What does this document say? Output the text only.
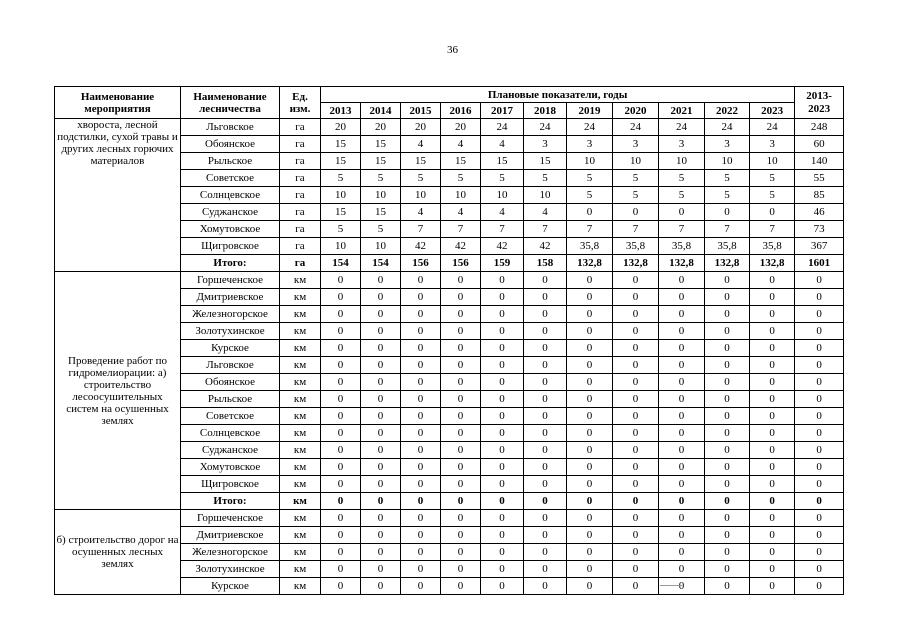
36
Наименование мероприятия	Наименование лесничества	Ед. изм.	Плановые показатели, годы											2013-2023
			2013	2014	2015	2016	2017	2018	2019	2020	2021	2022	2023	

хвороста, лесной подстилки, сухой травы и других лесных горючих материалов	Льговское	га	20	20	20	20	24	24	24	24	24	24	24	248
	Обоянское	га	15	15	4	4	4	3	3	3	3	3	3	60
	Рыльское	га	15	15	15	15	15	15	10	10	10	10	10	140
	Советское	га	5	5	5	5	5	5	5	5	5	5	5	55
	Солнцевское	га	10	10	10	10	10	10	5	5	5	5	5	85
	Суджанское	га	15	15	4	4	4	4	0	0	0	0	0	46
	Хомутовское	га	5	5	7	7	7	7	7	7	7	7	7	73
	Щигровское	га	10	10	42	42	42	42	35,8	35,8	35,8	35,8	35,8	367
	Итого:	га	154	154	156	156	159	158	132,8	132,8	132,8	132,8	132,8	1601
Проведение работ по гидромелиорации: а) строительство лесоосушительных систем на осушенных землях	Горшеченское	км	0	0	0	0	0	0	0	0	0	0	0	0
	Дмитриевское	км	0	0	0	0	0	0	0	0	0	0	0	0
	Железногорское	км	0	0	0	0	0	0	0	0	0	0	0	0
	Золотухинское	км	0	0	0	0	0	0	0	0	0	0	0	0
	Курское	км	0	0	0	0	0	0	0	0	0	0	0	0
	Льговское	км	0	0	0	0	0	0	0	0	0	0	0	0
	Обоянское	км	0	0	0	0	0	0	0	0	0	0	0	0
	Рыльское	км	0	0	0	0	0	0	0	0	0	0	0	0
	Советское	км	0	0	0	0	0	0	0	0	0	0	0	0
	Солнцевское	км	0	0	0	0	0	0	0	0	0	0	0	0
	Суджанское	км	0	0	0	0	0	0	0	0	0	0	0	0
	Хомутовское	км	0	0	0	0	0	0	0	0	0	0	0	0
	Щигровское	км	0	0	0	0	0	0	0	0	0	0	0	0
	Итого:	км	0	0	0	0	0	0	0	0	0	0	0	0
б) строительство дорог на осушенных лесных землях	Горшеченское	км	0	0	0	0	0	0	0	0	0	0	0	0
	Дмитриевское	км	0	0	0	0	0	0	0	0	0	0	0	0
	Железногорское	км	0	0	0	0	0	0	0	0	0	0	0	0
	Золотухинское	км	0	0	0	0	0	0	0	0	0	0	0	0
	Курское	км	0	0	0	0	0	0	0	0	0	0	0	0
